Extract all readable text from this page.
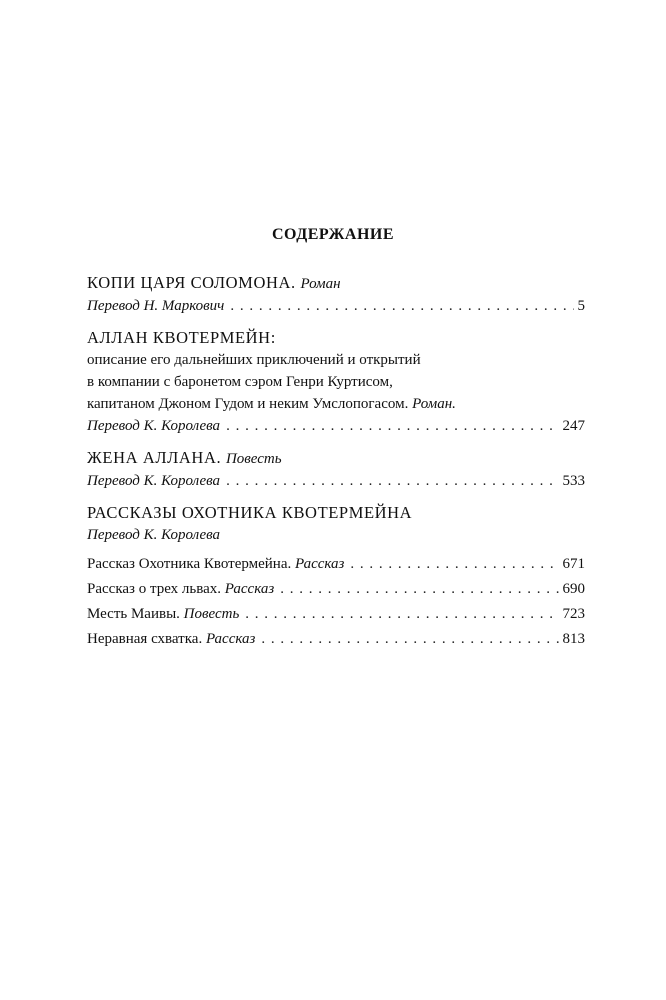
СОДЕРЖАНИЕ
КОПИ ЦАРЯ СОЛОМОНА. Роман
Перевод Н. Маркович . . .	5
АЛЛАН КВОТЕРМЕЙН:
описание его дальнейших приключений и открытий
в компании с баронетом сэром Генри Куртисом,
капитаном Джоном Гудом и неким Умслопогасом. Роман.
Перевод К. Королева . . .	247
ЖЕНА АЛЛАНА. Повесть
Перевод К. Королева . . .	533
РАССКАЗЫ ОХОТНИКА КВОТЕРМЕЙНА
Перевод К. Королева
Рассказ Охотника Квотермейна. Рассказ . . .	671
Рассказ о трех львах. Рассказ . . .	690
Месть Маивы. Повесть . . .	723
Неравная схватка. Рассказ . . .	813
